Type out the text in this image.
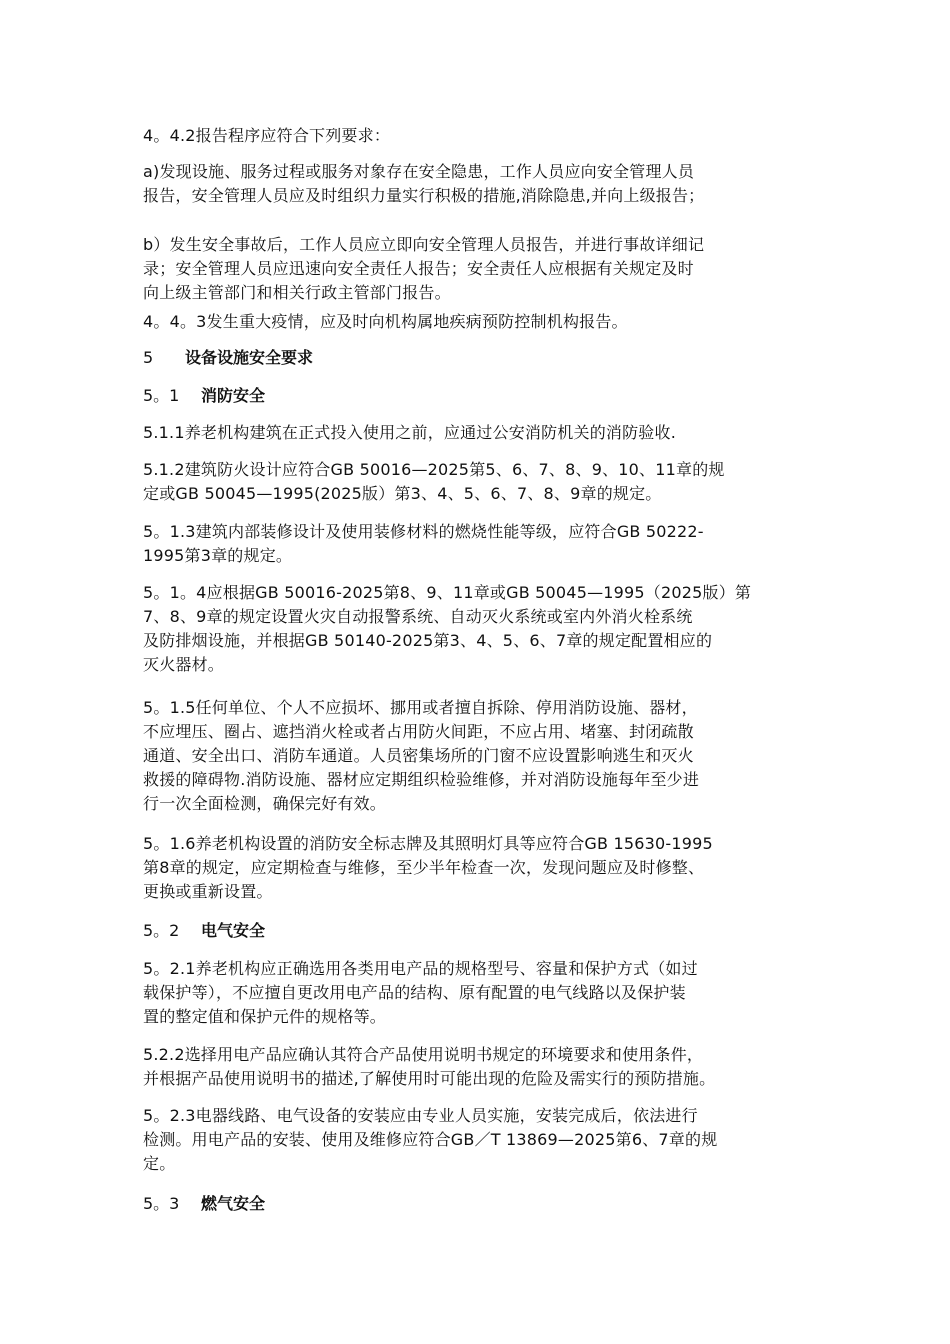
4。4.2报告程序应符合下列要求：
a)发现设施、服务过程或服务对象存在安全隐患，工作人员应向安全管理人员
报告，安全管理人员应及时组织力量实行积极的措施,消除隐患,并向上级报告；
b）发生安全事故后，工作人员应立即向安全管理人员报告，并进行事故详细记
录；安全管理人员应迅速向安全责任人报告；安全责任人应根据有关规定及时
向上级主管部门和相关行政主管部门报告。
4。4。3发生重大疫情，应及时向机构属地疾病预防控制机构报告。
5 设备设施安全要求
5。1 消防安全
5.1.1养老机构建筑在正式投入使用之前，应通过公安消防机关的消防验收.
5.1.2建筑防火设计应符合GB 50016—2025第5、6、7、8、9、10、11章的规
定或GB 50045—1995(2025版）第3、4、5、6、7、8、9章的规定。
5。1.3建筑内部装修设计及使用装修材料的燃烧性能等级，应符合GB 50222-
1995第3章的规定。
5。1。4应根据GB 50016-2025第8、9、11章或GB 50045—1995（2025版）第
7、8、9章的规定设置火灾自动报警系统、自动灭火系统或室内外消火栓系统
及防排烟设施，并根据GB 50140-2025第3、4、5、6、7章的规定配置相应的
灭火器材。
5。1.5任何单位、个人不应损坏、挪用或者擅自拆除、停用消防设施、器材，
不应埋压、圈占、遮挡消火栓或者占用防火间距，不应占用、堵塞、封闭疏散
通道、安全出口、消防车通道。人员密集场所的门窗不应设置影响逃生和灭火
救援的障碍物.消防设施、器材应定期组织检验维修，并对消防设施每年至少进
行一次全面检测，确保完好有效。
5。1.6养老机构设置的消防安全标志牌及其照明灯具等应符合GB 15630-1995
第8章的规定，应定期检查与维修，至少半年检查一次，发现问题应及时修整、
更换或重新设置。
5。2 电气安全
5。2.1养老机构应正确选用各类用电产品的规格型号、容量和保护方式（如过
载保护等），不应擅自更改用电产品的结构、原有配置的电气线路以及保护装
置的整定值和保护元件的规格等。
5.2.2选择用电产品应确认其符合产品使用说明书规定的环境要求和使用条件，
并根据产品使用说明书的描述,了解使用时可能出现的危险及需实行的预防措施。
5。2.3电器线路、电气设备的安装应由专业人员实施，安装完成后，依法进行
检测。用电产品的安装、使用及维修应符合GB／T 13869—2025第6、7章的规
定。
5。3 燃气安全
